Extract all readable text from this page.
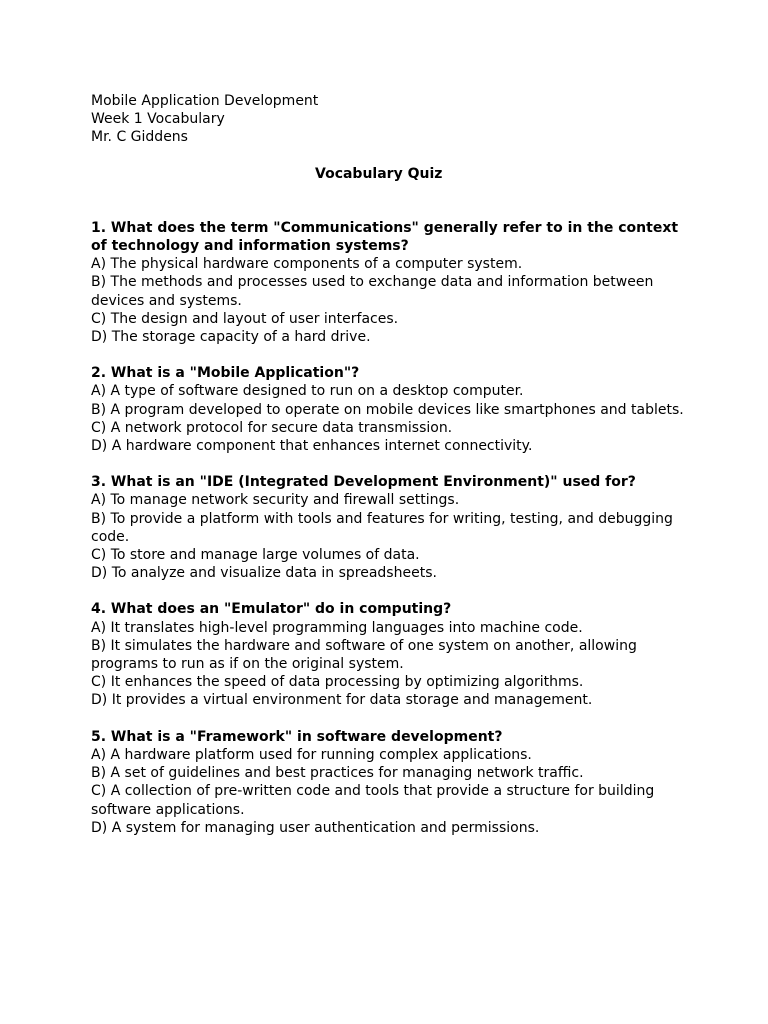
Mobile Application Development
Week 1 Vocabulary
Mr. C Giddens
Vocabulary Quiz
1. What does the term "Communications" generally refer to in the context of technology and information systems?
A) The physical hardware components of a computer system.
B) The methods and processes used to exchange data and information between devices and systems.
C) The design and layout of user interfaces.
D) The storage capacity of a hard drive.
2. What is a "Mobile Application"?
A) A type of software designed to run on a desktop computer.
B) A program developed to operate on mobile devices like smartphones and tablets.
C) A network protocol for secure data transmission.
D) A hardware component that enhances internet connectivity.
3. What is an "IDE (Integrated Development Environment)" used for?
A) To manage network security and firewall settings.
B) To provide a platform with tools and features for writing, testing, and debugging code.
C) To store and manage large volumes of data.
D) To analyze and visualize data in spreadsheets.
4. What does an "Emulator" do in computing?
A) It translates high-level programming languages into machine code.
B) It simulates the hardware and software of one system on another, allowing programs to run as if on the original system.
C) It enhances the speed of data processing by optimizing algorithms.
D) It provides a virtual environment for data storage and management.
5. What is a "Framework" in software development?
A) A hardware platform used for running complex applications.
B) A set of guidelines and best practices for managing network traffic.
C) A collection of pre-written code and tools that provide a structure for building software applications.
D) A system for managing user authentication and permissions.
